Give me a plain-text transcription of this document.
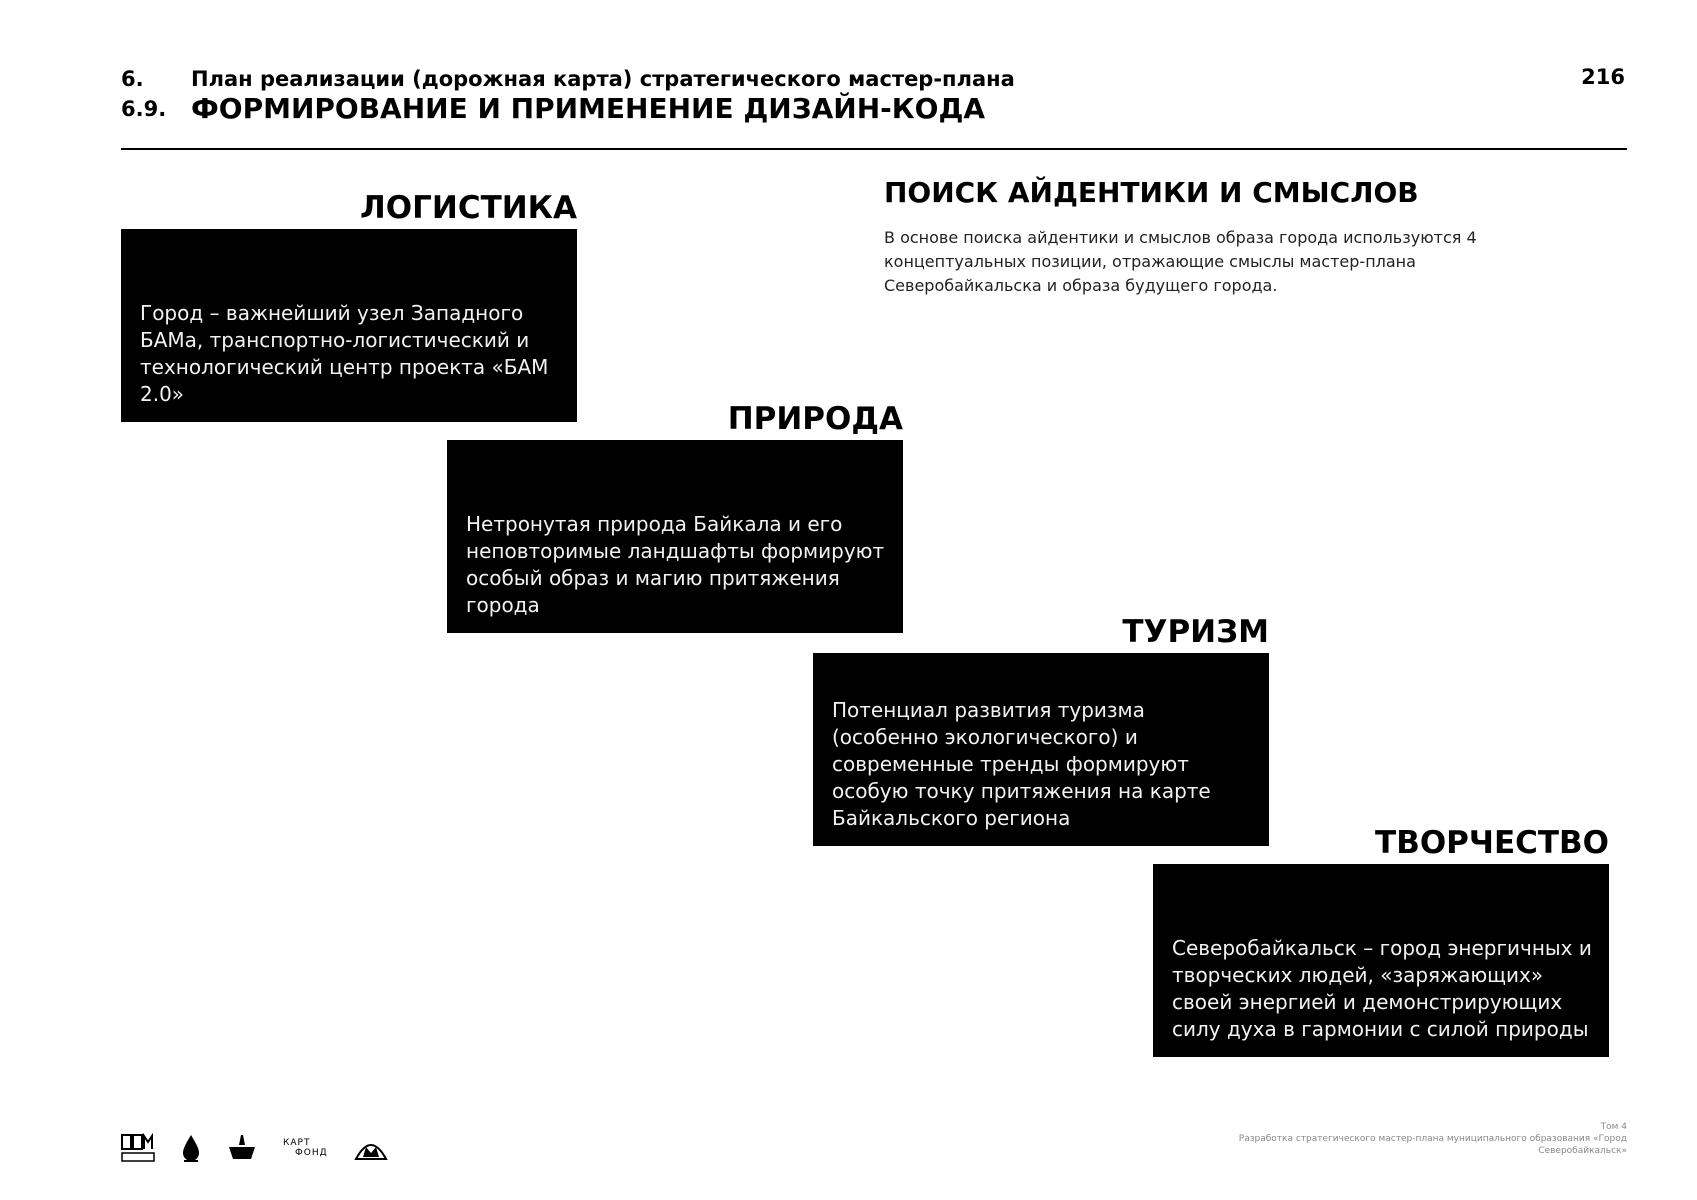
6. План реализации (дорожная карта) стратегического мастер-плана
6.9. ФОРМИРОВАНИЕ И ПРИМЕНЕНИЕ ДИЗАЙН-КОДА
216
ПОИСК АЙДЕНТИКИ И СМЫСЛОВ
В основе поиска айдентики и смыслов образа города используются 4 концептуальных позиции, отражающие смыслы мастер-плана Северобайкальска и образа будущего города.
ЛОГИСТИКА
Город – важнейший узел Западного БАМа, транспортно-логистический и технологический центр проекта «БАМ 2.0»
ПРИРОДА
Нетронутая природа Байкала и его неповторимые ландшафты формируют особый образ и магию притяжения города
ТУРИЗМ
Потенциал развития туризма (особенно экологического) и современные тренды формируют особую точку притяжения на карте Байкальского региона
ТВОРЧЕСТВО
Северобайкальск – город энергичных и творческих людей, «заряжающих» своей энергией и демонстрирующих силу духа в гармонии с силой природы
КАРТ
ФОНД
Том 4
Разработка стратегического мастер-плана муниципального образования «Город Северобайкальск»
